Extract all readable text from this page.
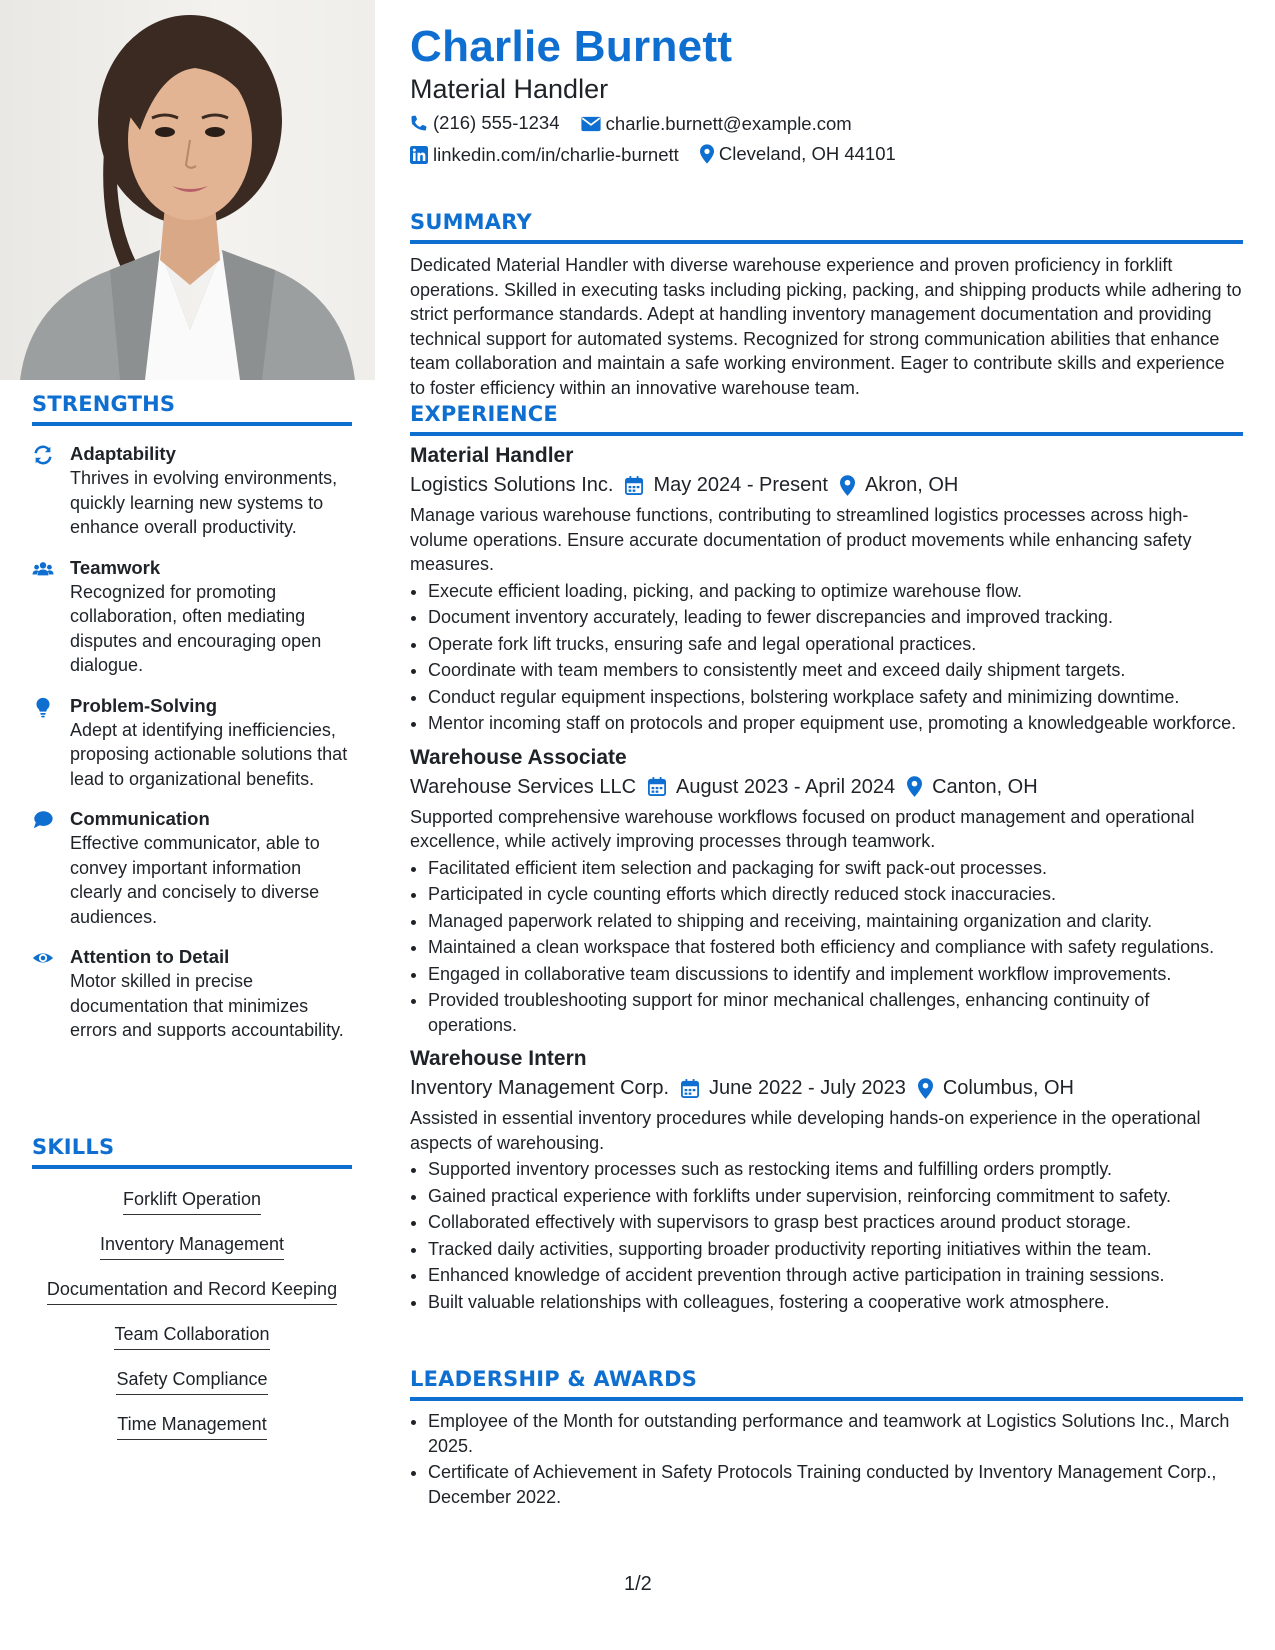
STRENGTHS
Adaptability
Thrives in evolving environments, quickly learning new systems to enhance overall productivity.
Teamwork
Recognized for promoting collaboration, often mediating disputes and encouraging open dialogue.
Problem-Solving
Adept at identifying inefficiencies, proposing actionable solutions that lead to organizational benefits.
Communication
Effective communicator, able to convey important information clearly and concisely to diverse audiences.
Attention to Detail
Motor skilled in precise documentation that minimizes errors and supports accountability.
SKILLS
Forklift Operation
Inventory Management
Documentation and Record Keeping
Team Collaboration
Safety Compliance
Time Management
Charlie Burnett
Material Handler
(216) 555-1234
charlie.burnett@example.com
linkedin.com/in/charlie-burnett
Cleveland, OH 44101
SUMMARY
Dedicated Material Handler with diverse warehouse experience and proven proficiency in forklift operations. Skilled in executing tasks including picking, packing, and shipping products while adhering to strict performance standards. Adept at handling inventory management documentation and providing technical support for automated systems. Recognized for strong communication abilities that enhance team collaboration and maintain a safe working environment. Eager to contribute skills and experience to foster efficiency within an innovative warehouse team.
EXPERIENCE
Material Handler
Logistics Solutions Inc. May 2024 - Present Akron, OH
Manage various warehouse functions, contributing to streamlined logistics processes across high-volume operations. Ensure accurate documentation of product movements while enhancing safety measures.
• Execute efficient loading, picking, and packing to optimize warehouse flow.
• Document inventory accurately, leading to fewer discrepancies and improved tracking.
• Operate fork lift trucks, ensuring safe and legal operational practices.
• Coordinate with team members to consistently meet and exceed daily shipment targets.
• Conduct regular equipment inspections, bolstering workplace safety and minimizing downtime.
• Mentor incoming staff on protocols and proper equipment use, promoting a knowledgeable workforce.
Warehouse Associate
Warehouse Services LLC August 2023 - April 2024 Canton, OH
Supported comprehensive warehouse workflows focused on product management and operational excellence, while actively improving processes through teamwork.
• Facilitated efficient item selection and packaging for swift pack-out processes.
• Participated in cycle counting efforts which directly reduced stock inaccuracies.
• Managed paperwork related to shipping and receiving, maintaining organization and clarity.
• Maintained a clean workspace that fostered both efficiency and compliance with safety regulations.
• Engaged in collaborative team discussions to identify and implement workflow improvements.
• Provided troubleshooting support for minor mechanical challenges, enhancing continuity of operations.
Warehouse Intern
Inventory Management Corp. June 2022 - July 2023 Columbus, OH
Assisted in essential inventory procedures while developing hands-on experience in the operational aspects of warehousing.
• Supported inventory processes such as restocking items and fulfilling orders promptly.
• Gained practical experience with forklifts under supervision, reinforcing commitment to safety.
• Collaborated effectively with supervisors to grasp best practices around product storage.
• Tracked daily activities, supporting broader productivity reporting initiatives within the team.
• Enhanced knowledge of accident prevention through active participation in training sessions.
• Built valuable relationships with colleagues, fostering a cooperative work atmosphere.
LEADERSHIP & AWARDS
• Employee of the Month for outstanding performance and teamwork at Logistics Solutions Inc., March 2025.
• Certificate of Achievement in Safety Protocols Training conducted by Inventory Management Corp., December 2022.
1/2
